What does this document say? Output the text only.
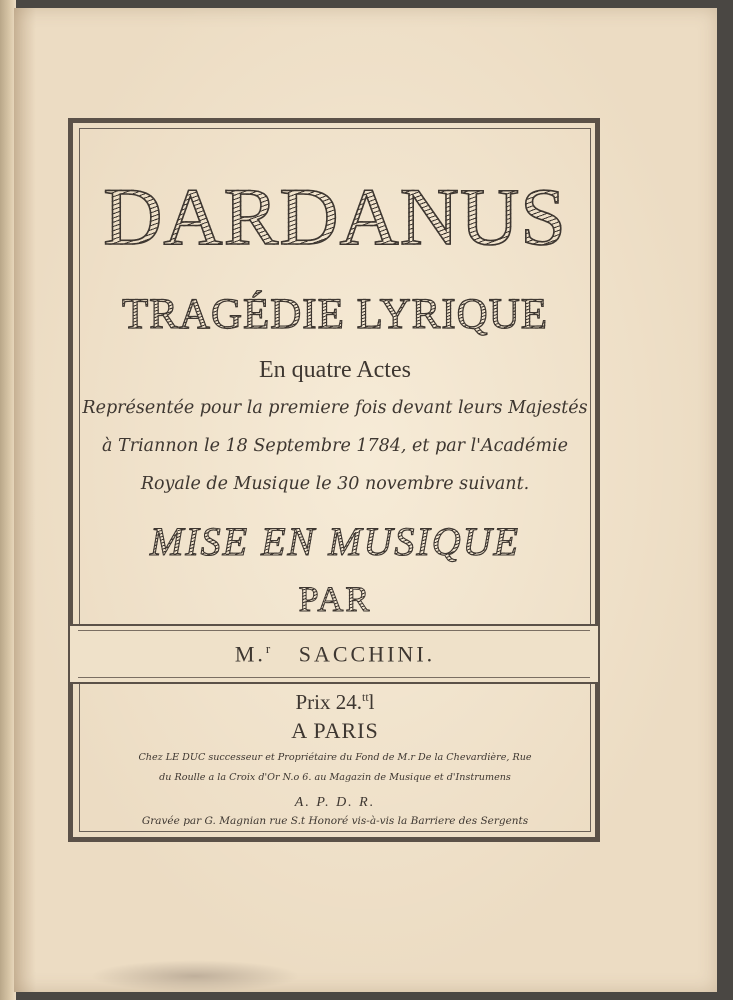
DARDANUS
TRAGÉDIE LYRIQUE
En quatre Actes
Représentée pour la premiere fois devant leurs Majestés
à Triannon le 18 Septembre 1784, et par l'Académie
Royale de Musique le 30 novembre suivant.
MISE EN MUSIQUE
PAR
M.$^r$ SACCHINI.
Prix 24.$^{tt}$l
A PARIS
Chez LE DUC successeur et Propriétaire du Fond de M.r De la Chevardière, Rue
du Roulle a la Croix d'Or N.o 6. au Magazin de Musique et d'Instrumens
A. P. D. R.
Gravée par G. Magnian rue S.t Honoré vis-à-vis la Barriere des Sergents
